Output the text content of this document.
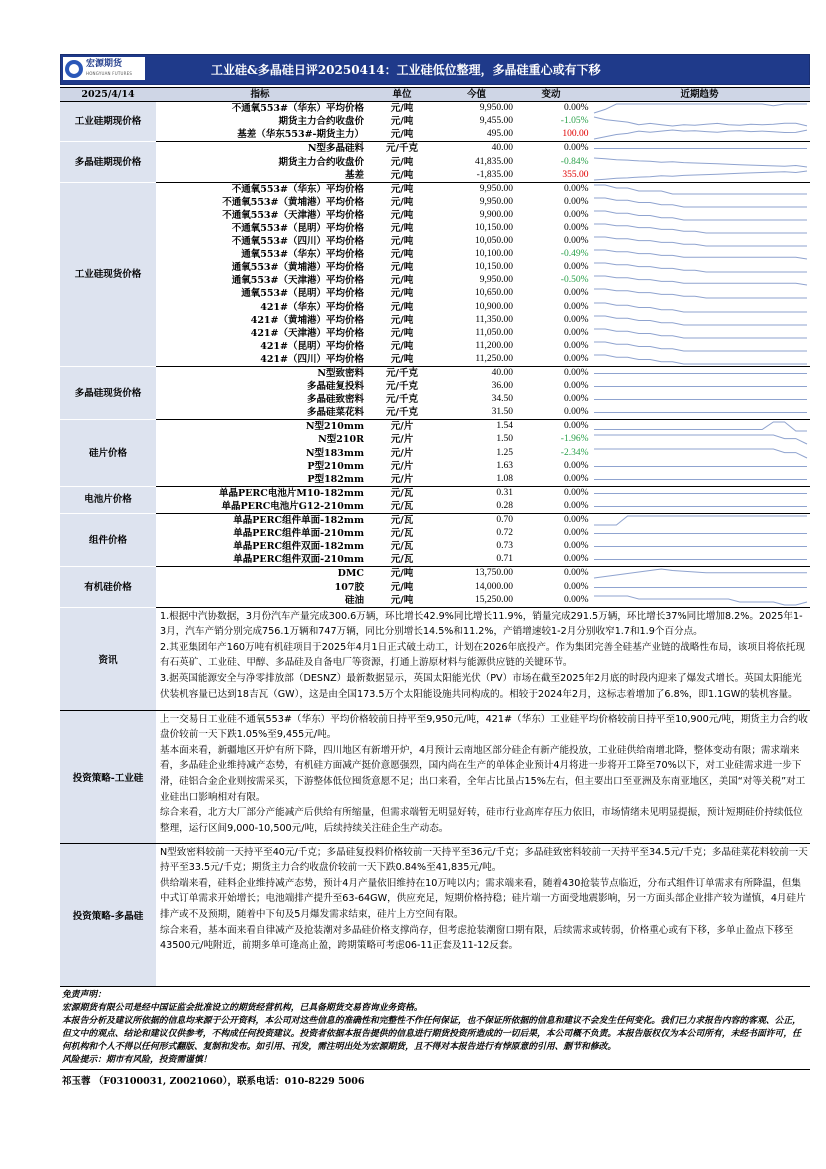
宏源期货
HONGYUAN FUTURES	工业硅&多晶硅日评20250414：工业硅低位整理，多晶硅重心或有下移
2025/4/14	指标	单位	今值	变动	近期趋势
工业硅期现价格	不通氧553#（华东）平均价格	元/吨	9,950.00	0.00%	

	期货主力合约收盘价	元/吨	9,455.00	-1.05%	

	基差（华东553#-期货主力）	元/吨	495.00	100.00	

多晶硅期现价格	N型多晶硅料	元/千克	40.00	0.00%	

	期货主力合约收盘价	元/吨	41,835.00	-0.84%	

	基差	元/吨	-1,835.00	355.00	

工业硅现货价格	不通氧553#（华东）平均价格	元/吨	9,950.00	0.00%	

	不通氧553#（黄埔港）平均价格	元/吨	9,950.00	0.00%	

	不通氧553#（天津港）平均价格	元/吨	9,900.00	0.00%	

	不通氧553#（昆明）平均价格	元/吨	10,150.00	0.00%	

	不通氧553#（四川）平均价格	元/吨	10,050.00	0.00%	

	通氧553#（华东）平均价格	元/吨	10,100.00	-0.49%	

	通氧553#（黄埔港）平均价格	元/吨	10,150.00	0.00%	

	通氧553#（天津港）平均价格	元/吨	9,950.00	-0.50%	

	通氧553#（昆明）平均价格	元/吨	10,650.00	0.00%	

	421#（华东）平均价格	元/吨	10,900.00	0.00%	

	421#（黄埔港）平均价格	元/吨	11,350.00	0.00%	

	421#（天津港）平均价格	元/吨	11,050.00	0.00%	

	421#（昆明）平均价格	元/吨	11,200.00	0.00%	

	421#（四川）平均价格	元/吨	11,250.00	0.00%	

多晶硅现货价格	N型致密料	元/千克	40.00	0.00%	

	多晶硅复投料	元/千克	36.00	0.00%	

	多晶硅致密料	元/千克	34.50	0.00%	

	多晶硅菜花料	元/千克	31.50	0.00%	

硅片价格	N型210mm	元/片	1.54	0.00%	

	N型210R	元/片	1.50	-1.96%	

	N型183mm	元/片	1.25	-2.34%	

	P型210mm	元/片	1.63	0.00%	

	P型182mm	元/片	1.08	0.00%	

电池片价格	单晶PERC电池片M10-182mm	元/瓦	0.31	0.00%	

	单晶PERC电池片G12-210mm	元/瓦	0.28	0.00%	

组件价格	单晶PERC组件单面-182mm	元/瓦	0.70	0.00%	

	单晶PERC组件单面-210mm	元/瓦	0.72	0.00%	

	单晶PERC组件双面-182mm	元/瓦	0.73	0.00%	

	单晶PERC组件双面-210mm	元/瓦	0.71	0.00%	

有机硅价格	DMC	元/吨	13,750.00	0.00%	

	107胶	元/吨	14,000.00	0.00%	

	硅油	元/吨	15,250.00	0.00%	
资讯

1.根据中汽协数据，3月份汽车产量完成300.6万辆，环比增长42.9%同比增长11.9%，销量完成291.5万辆，环比增长37%同比增加8.2%。2025年1-3月，汽车产销分别完成756.1万辆和747万辆，同比分别增长14.5%和11.2%，产销增速较1-2月分别收窄1.7和1.9个百分点。

2.其亚集团年产160万吨有机硅项目于2025年4月1日正式破土动工，计划在2026年底投产。作为集团完善全硅基产业链的战略性布局，该项目将依托现有石英矿、工业硅、甲醇、多晶硅及自备电厂等资源，打通上游原材料与能源供应链的关键环节。

3.据英国能源安全与净零排放部（DESNZ）最新数据显示，英国太阳能光伏（PV）市场在截至2025年2月底的时段内迎来了爆发式增长。英国太阳能光伏装机容量已达到18吉瓦（GW），这是由全国173.5万个太阳能设施共同构成的。相较于2024年2月，这标志着增加了6.8%，即1.1GW的装机容量。

投资策略-工业硅

上一交易日工业硅不通氧553#（华东）平均价格较前日持平至9,950元/吨，421#（华东）工业硅平均价格较前日持平至10,900元/吨，期货主力合约收盘价较前一天下跌1.05%至9,455元/吨。

基本面来看，新疆地区开炉有所下降，四川地区有新增开炉，4月预计云南地区部分硅企有新产能投放，工业硅供给南增北降，整体变动有限；需求端来看，多晶硅企业维持减产态势，有机硅方面减产挺价意愿强烈，国内尚在生产的单体企业预计4月将进一步将开工降至70%以下，对工业硅需求进一步下滑，硅铝合金企业则按需采买，下游整体低位囤货意愿不足；出口来看，全年占比虽占15%左右，但主要出口至亚洲及东南亚地区，美国“对等关税”对工业硅出口影响相对有限。

综合来看，北方大厂部分产能减产后供给有所缩量，但需求端暂无明显好转，硅市行业高库存压力依旧，市场情绪未见明显提振，预计短期硅价持续低位整理，运行区间9,000-10,500元/吨，后续持续关注硅企生产动态。

投资策略-多晶硅

N型致密料较前一天持平至40元/千克；多晶硅复投料价格较前一天持平至36元/千克；多晶硅致密料较前一天持平至34.5元/千克；多晶硅菜花料较前一天持平至33.5元/千克；期货主力合约收盘价较前一天下跌0.84%至41,835元/吨。

供给端来看，硅料企业维持减产态势，预计4月产量依旧维持在10万吨以内；需求端来看，随着430抢装节点临近，分布式组件订单需求有所降温，但集中式订单需求开始增长；电池端排产提升至63-64GW，供应充足，短期价格持稳；硅片端一方面受地震影响，另一方面头部企业排产较为谨慎，4月硅片排产或不及预期，随着中下旬及5月爆发需求结束，硅片上方空间有限。

综合来看，基本面来看自律减产及抢装潮对多晶硅价格支撑尚存，但考虑抢装潮窗口期有限，后续需求或转弱，价格重心或有下移，多单止盈点下移至43500元/吨附近，前期多单可逢高止盈，跨期策略可考虑06-11正套及11-12反套。

免责声明：

宏源期货有限公司是经中国证监会批准设立的期货经营机构，已具备期货交易咨询业务资格。

本报告分析及建议所依据的信息均来源于公开资料，本公司对这些信息的准确性和完整性不作任何保证，也不保证所依据的信息和建议不会发生任何变化。我们已力求报告内容的客观、公正，但文中的观点、结论和建议仅供参考，不构成任何投资建议。投资者依据本报告提供的信息进行期货投资所造成的一切后果，本公司概不负责。本报告版权仅为本公司所有，未经书面许可，任何机构和个人不得以任何形式翻版、复制和发布。如引用、刊发，需注明出处为宏源期货，且不得对本报告进行有悖原意的引用、删节和修改。

风险提示：期市有风险，投资需谨慎！

祁玉蓉 （F03100031, Z0021060），联系电话：010-8229 5006
